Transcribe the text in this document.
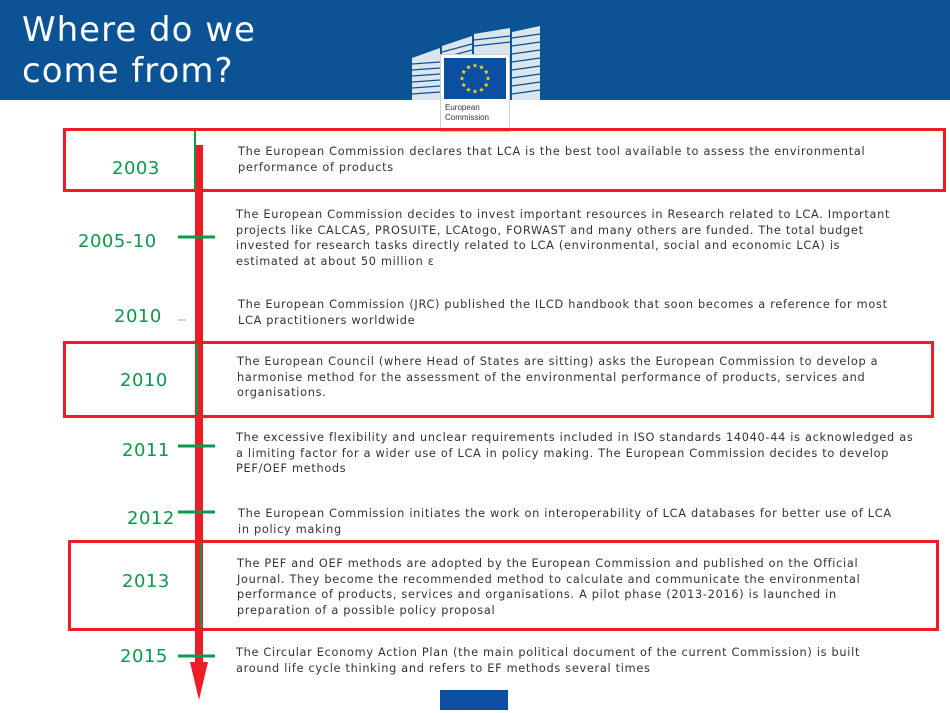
Where do we
come from?
European
Commission
2003

The European Commission declares that LCA is the best tool available to assess the environmental performance of products

2005-10

The European Commission decides to invest important resources in Research related to LCA. Important projects like CALCAS, PROSUITE, LCAtogo, FORWAST and many others are funded. The total budget invested for research tasks directly related to LCA (environmental, social and economic LCA) is estimated at about 50 million ε

2010

The European Commission (JRC) published the ILCD handbook that soon becomes a reference for most LCA practitioners worldwide

2010

The European Council (where Head of States are sitting) asks the European Commission to develop a harmonise method for the assessment of the environmental performance of products, services and organisations.

2011

The excessive flexibility and unclear requirements included in ISO standards 14040-44 is acknowledged as a limiting factor for a wider use of LCA in policy making. The European Commission decides to develop PEF/OEF methods

2012	The European Commission initiates the work on interoperability of LCA databases for better use of LCA in policy making

2013

The PEF and OEF methods are adopted by the European Commission and published on the Official Journal. They become the recommended method to calculate and communicate the environmental performance of products, services and organisations. A pilot phase (2013-2016) is launched in preparation of a possible policy proposal

2015	The Circular Economy Action Plan (the main political document of the current Commission) is built around life cycle thinking and refers to EF methods several times
